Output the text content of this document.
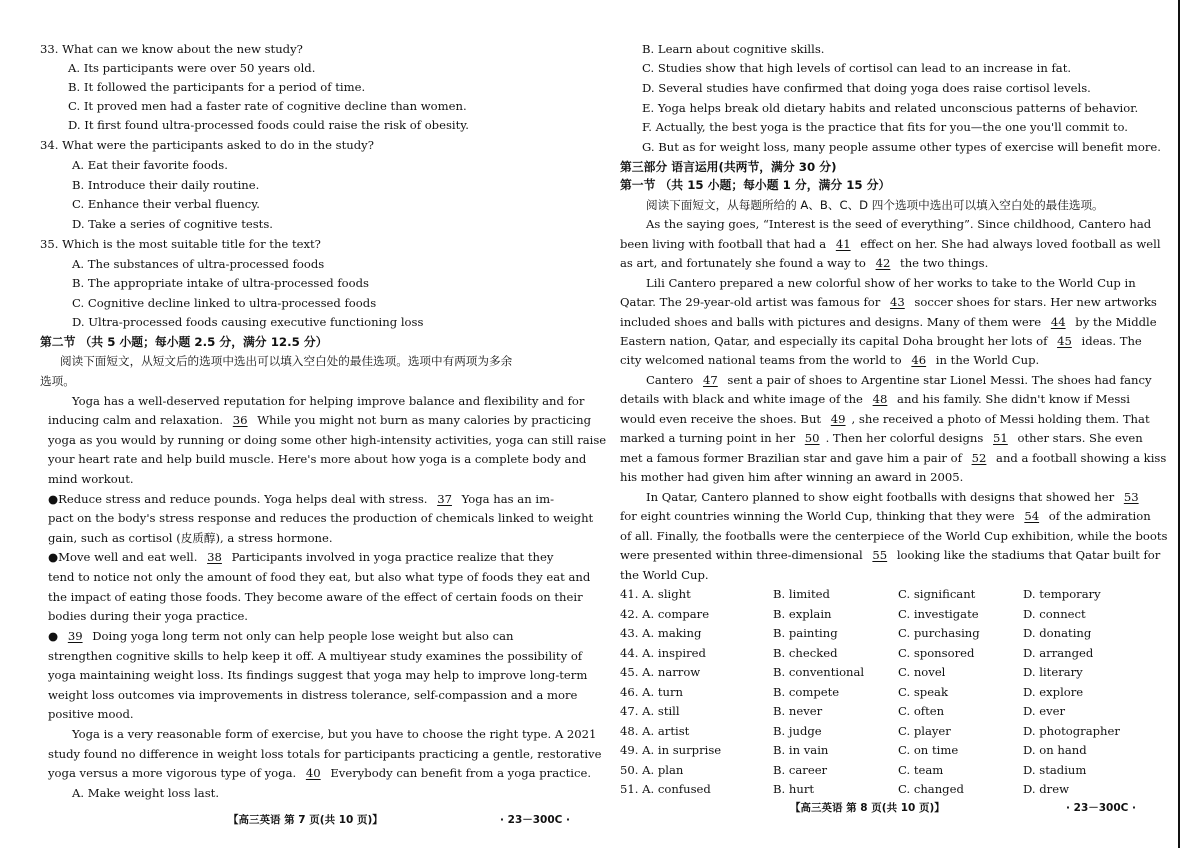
33. What can we know about the new study?
A. Its participants were over 50 years old.
B. It followed the participants for a period of time.
C. It proved men had a faster rate of cognitive decline than women.
D. It first found ultra-processed foods could raise the risk of obesity.
34. What were the participants asked to do in the study?
A. Eat their favorite foods.
B. Introduce their daily routine.
C. Enhance their verbal fluency.
D. Take a series of cognitive tests.
35. Which is the most suitable title for the text?
A. The substances of ultra-processed foods
B. The appropriate intake of ultra-processed foods
C. Cognitive decline linked to ultra-processed foods
D. Ultra-processed foods causing executive functioning loss
第二节 （共 5 小题；每小题 2.5 分，满分 12.5 分）
阅读下面短文，从短文后的选项中选出可以填入空白处的最佳选项。选项中有两项为多余
选项。
Yoga has a well-deserved reputation for helping improve balance and flexibility and for
inducing calm and relaxation. 36 While you might not burn as many calories by practicing
yoga as you would by running or doing some other high-intensity activities, yoga can still raise
your heart rate and help build muscle. Here's more about how yoga is a complete body and
mind workout.
●Reduce stress and reduce pounds. Yoga helps deal with stress. 37 Yoga has an im-
pact on the body's stress response and reduces the production of chemicals linked to weight
gain, such as cortisol (皮质醇), a stress hormone.
●Move well and eat well. 38 Participants involved in yoga practice realize that they
tend to notice not only the amount of food they eat, but also what type of foods they eat and
the impact of eating those foods. They become aware of the effect of certain foods on their
bodies during their yoga practice.
● 39 Doing yoga long term not only can help people lose weight but also can
strengthen cognitive skills to help keep it off. A multiyear study examines the possibility of
yoga maintaining weight loss. Its findings suggest that yoga may help to improve long-term
weight loss outcomes via improvements in distress tolerance, self-compassion and a more
positive mood.
Yoga is a very reasonable form of exercise, but you have to choose the right type. A 2021
study found no difference in weight loss totals for participants practicing a gentle, restorative
yoga versus a more vigorous type of yoga. 40 Everybody can benefit from a yoga practice.
A. Make weight loss last.
【高三英语 第 7 页(共 10 页)】	· 23－300C ·
B. Learn about cognitive skills.
C. Studies show that high levels of cortisol can lead to an increase in fat.
D. Several studies have confirmed that doing yoga does raise cortisol levels.
E. Yoga helps break old dietary habits and related unconscious patterns of behavior.
F. Actually, the best yoga is the practice that fits for you—the one you'll commit to.
G. But as for weight loss, many people assume other types of exercise will benefit more.
第三部分 语言运用(共两节，满分 30 分)
第一节 （共 15 小题；每小题 1 分，满分 15 分）
阅读下面短文，从每题所给的 A、B、C、D 四个选项中选出可以填入空白处的最佳选项。
As the saying goes, “Interest is the seed of everything”. Since childhood, Cantero had
been living with football that had a 41 effect on her. She had always loved football as well
as art, and fortunately she found a way to 42 the two things.
Lili Cantero prepared a new colorful show of her works to take to the World Cup in
Qatar. The 29-year-old artist was famous for 43 soccer shoes for stars. Her new artworks
included shoes and balls with pictures and designs. Many of them were 44 by the Middle
Eastern nation, Qatar, and especially its capital Doha brought her lots of 45 ideas. The
city welcomed national teams from the world to 46 in the World Cup.
Cantero 47 sent a pair of shoes to Argentine star Lionel Messi. The shoes had fancy
details with black and white image of the 48 and his family. She didn't know if Messi
would even receive the shoes. But 49 , she received a photo of Messi holding them. That
marked a turning point in her 50 . Then her colorful designs 51 other stars. She even
met a famous former Brazilian star and gave him a pair of 52 and a football showing a kiss
his mother had given him after winning an award in 2005.
In Qatar, Cantero planned to show eight footballs with designs that showed her 53
for eight countries winning the World Cup, thinking that they were 54 of the admiration
of all. Finally, the footballs were the centerpiece of the World Cup exhibition, while the boots
were presented within three-dimensional 55 looking like the stadiums that Qatar built for
the World Cup.
41. A. slight	B. limited	C. significant	D. temporary
42. A. compare	B. explain	C. investigate	D. connect
43. A. making	B. painting	C. purchasing	D. donating
44. A. inspired	B. checked	C. sponsored	D. arranged
45. A. narrow	B. conventional	C. novel	D. literary
46. A. turn	B. compete	C. speak	D. explore
47. A. still	B. never	C. often	D. ever
48. A. artist	B. judge	C. player	D. photographer
49. A. in surprise	B. in vain	C. on time	D. on hand
50. A. plan	B. career	C. team	D. stadium
51. A. confused	B. hurt	C. changed	D. drew
【高三英语 第 8 页(共 10 页)】	· 23－300C ·
